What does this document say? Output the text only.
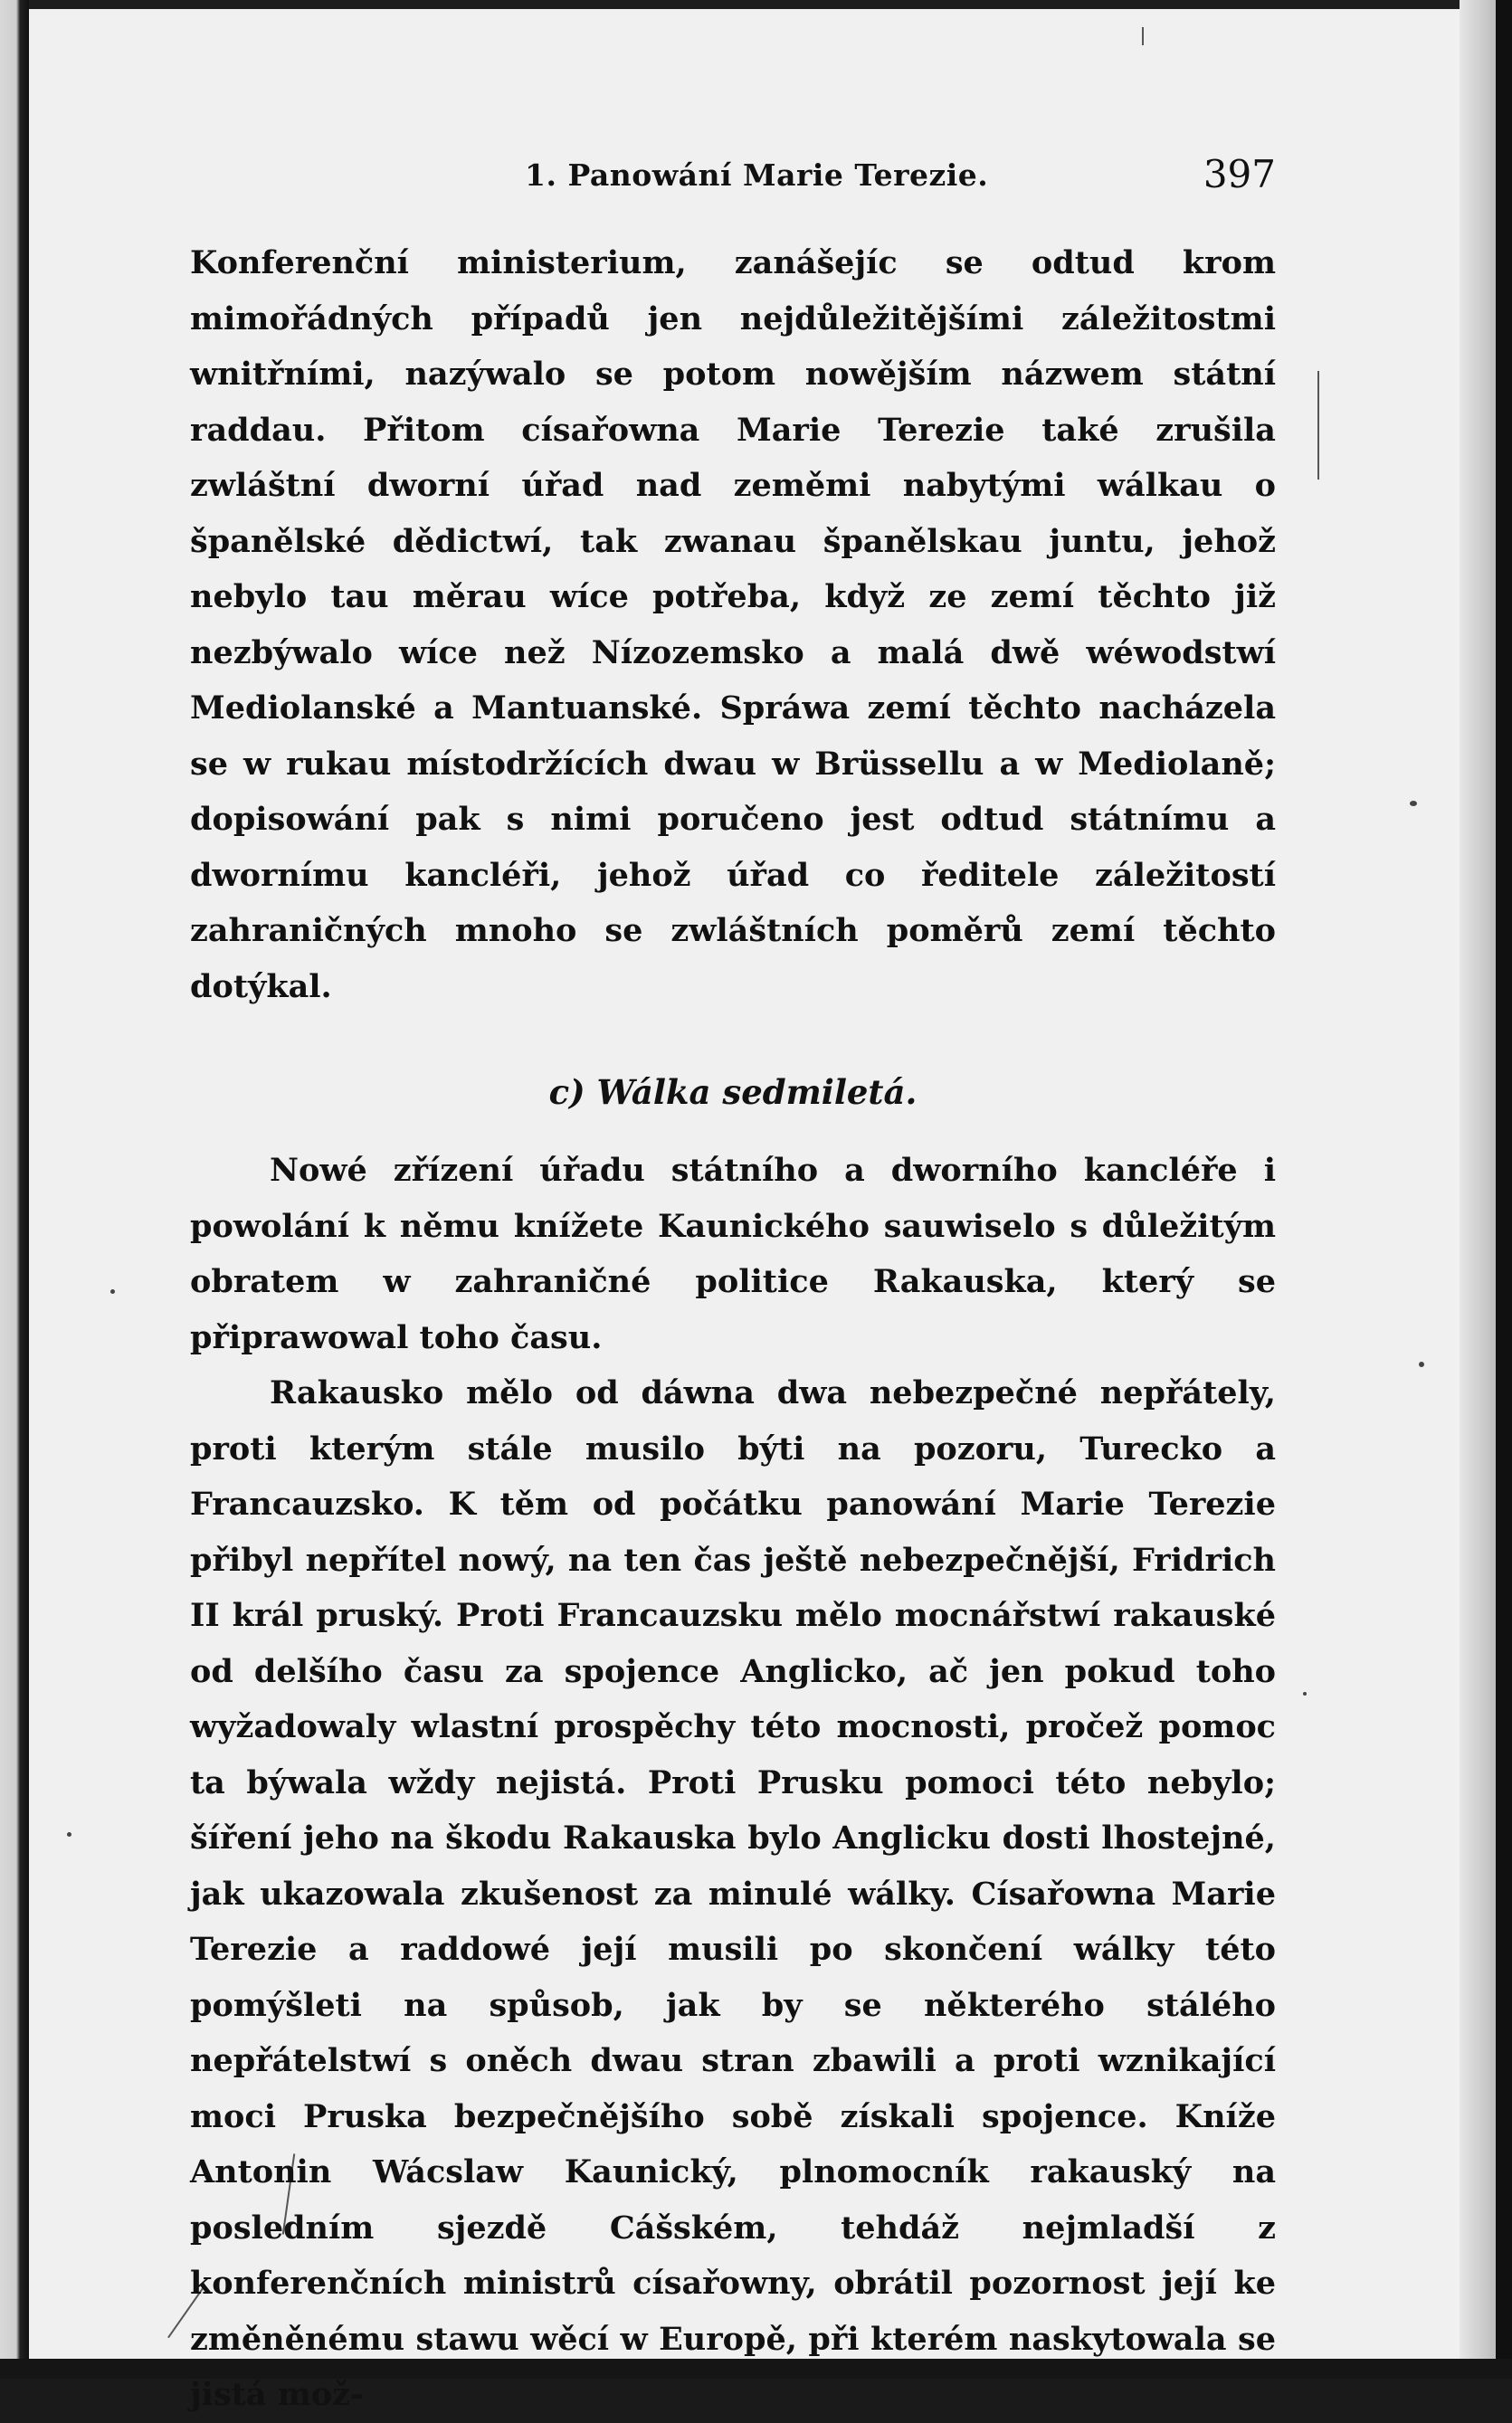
1. Panowání Marie Terezie.	397

Konferenční ministerium, zanášejíc se odtud krom mimořádných případů jen nejdůležitějšími záležitostmi wnitřními, nazýwalo se potom nowějším názwem státní raddau. Přitom císařowna Marie Terezie také zrušila zwláštní dworní úřad nad zeměmi nabytými wálkau o španělské dědictwí, tak zwanau španělskau juntu, jehož nebylo tau měrau wíce potřeba, když ze zemí těchto již nezbýwalo wíce než Nízozemsko a malá dwě wéwodstwí Mediolanské a Mantuanské. Spráwa zemí těchto nacházela se w rukau místodržících dwau w Brüssellu a w Mediolaně; dopisowání pak s nimi poručeno jest odtud státnímu a dwornímu kancléři, jehož úřad co ředitele záležitostí zahraničných mnoho se zwláštních poměrů zemí těchto dotýkal.

c) Wálka sedmiletá.

Nowé zřízení úřadu státního a dworního kancléře i powolání k němu knížete Kaunického sauwiselo s důležitým obratem w zahraničné politice Rakauska, který se připrawowal toho času.

Rakausko mělo od dáwna dwa nebezpečné nepřátely, proti kterým stále musilo býti na pozoru, Turecko a Francauzsko. K těm od počátku panowání Marie Terezie přibyl nepřítel nowý, na ten čas ještě nebezpečnější, Fridrich II král pruský. Proti Francauzsku mělo mocnářstwí rakauské od delšího času za spojence Anglicko, ač jen pokud toho wyžadowaly wlastní prospěchy této mocnosti, pročež pomoc ta býwala wždy nejistá. Proti Prusku pomoci této nebylo; šíření jeho na škodu Rakauska bylo Anglicku dosti lhostejné, jak ukazowala zkušenost za minulé wálky. Císařowna Marie Terezie a raddowé její musili po skončení wálky této pomýšleti na spůsob, jak by se některého stálého nepřátelstwí s oněch dwau stran zbawili a proti wznikající moci Pruska bezpečnějšího sobě získali spojence. Kníže Antonin Wácslaw Kaunický, plnomocník rakauský na posledním sjezdě Cášském, tehdáž nejmladší z konferenčních ministrů císařowny, obrátil pozornost její ke změněnému stawu wěcí w Europě, při kterém naskytowala se jistá mož-
